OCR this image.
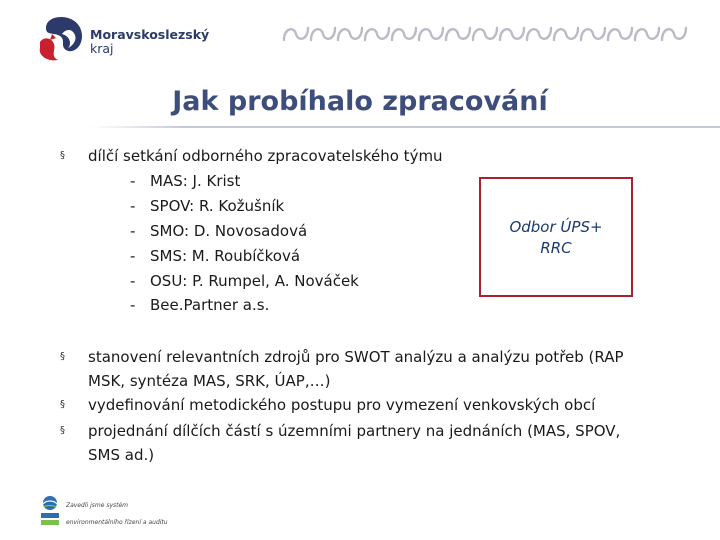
Moravskoslezský
kraj
Jak probíhalo zpracování
§ dílčí setkání odborného zpracovatelského týmu
- MAS: J. Krist
- SPOV: R. Kožušník
- SMO: D. Novosadová
- SMS: M. Roubíčková
- OSU: P. Rumpel, A. Nováček
- Bee.Partner a.s.
Odbor ÚPS+
RRC
§ stanovení relevantních zdrojů pro SWOT analýzu a analýzu potřeb (RAP
MSK, syntéza MAS, SRK, ÚAP,…)
§ vydefinování metodického postupu pro vymezení venkovských obcí
§ projednání dílčích částí s územními partnery na jednáních (MAS, SPOV,
SMS ad.)
Zavedli jsme systém
environmentálního řízení a auditu
